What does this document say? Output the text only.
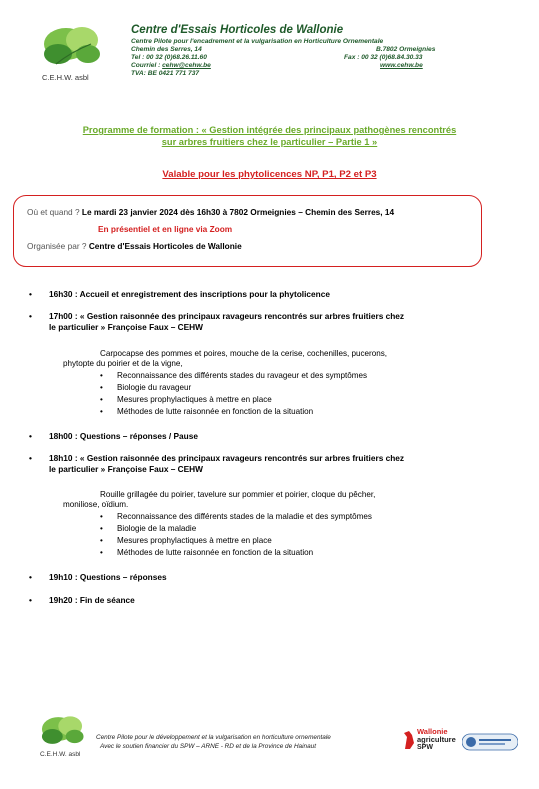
C.E.H.W. asbl
Centre d'Essais Horticoles de Wallonie
Centre Pilote pour l'encadrement et la vulgarisation en Horticulture Ornementale
Chemin des Serres, 14	B.7802 Ormeignies
Tel : 00 32 (0)68.26.11.60	Fax : 00 32 (0)68.84.30.33
Courriel : cehw@cehw.be	www.cehw.be
TVA: BE 0421 771 737
Programme de formation : « Gestion intégrée des principaux pathogènes rencontrés
sur arbres fruitiers chez le particulier – Partie 1 »
Valable pour les phytolicences NP, P1, P2 et P3
Où et quand ? Le mardi 23 janvier 2024 dès 16h30 à 7802 Ormeignies – Chemin des Serres, 14
En présentiel et en ligne via Zoom
Organisée par ? Centre d'Essais Horticoles de Wallonie
• 16h30 : Accueil et enregistrement des inscriptions pour la phytolicence
• 17h00 : « Gestion raisonnée des principaux ravageurs rencontrés sur arbres fruitiers chez
le particulier » Françoise Faux – CEHW
Carpocapse des pommes et poires, mouche de la cerise, cochenilles, pucerons,
phytopte du poirier et de la vigne,
• Reconnaissance des différents stades du ravageur et des symptômes
• Biologie du ravageur
• Mesures prophylactiques à mettre en place
• Méthodes de lutte raisonnée en fonction de la situation
• 18h00 : Questions – réponses / Pause
• 18h10 : « Gestion raisonnée des principaux ravageurs rencontrés sur arbres fruitiers chez
le particulier » Françoise Faux – CEHW
Rouille grillagée du poirier, tavelure sur pommier et poirier, cloque du pêcher,
moniliose, oïdium.
• Reconnaissance des différents stades de la maladie et des symptômes
• Biologie de la maladie
• Mesures prophylactiques à mettre en place
• Méthodes de lutte raisonnée en fonction de la situation
• 19h10 : Questions – réponses
• 19h20 : Fin de séance
C.E.H.W. asbl
Centre Pilote pour le développement et la vulgarisation en horticulture ornementale
Avec le soutien financier du SPW – ARNE - RD et de la Province de Hainaut
Wallonie
agriculture
SPW
